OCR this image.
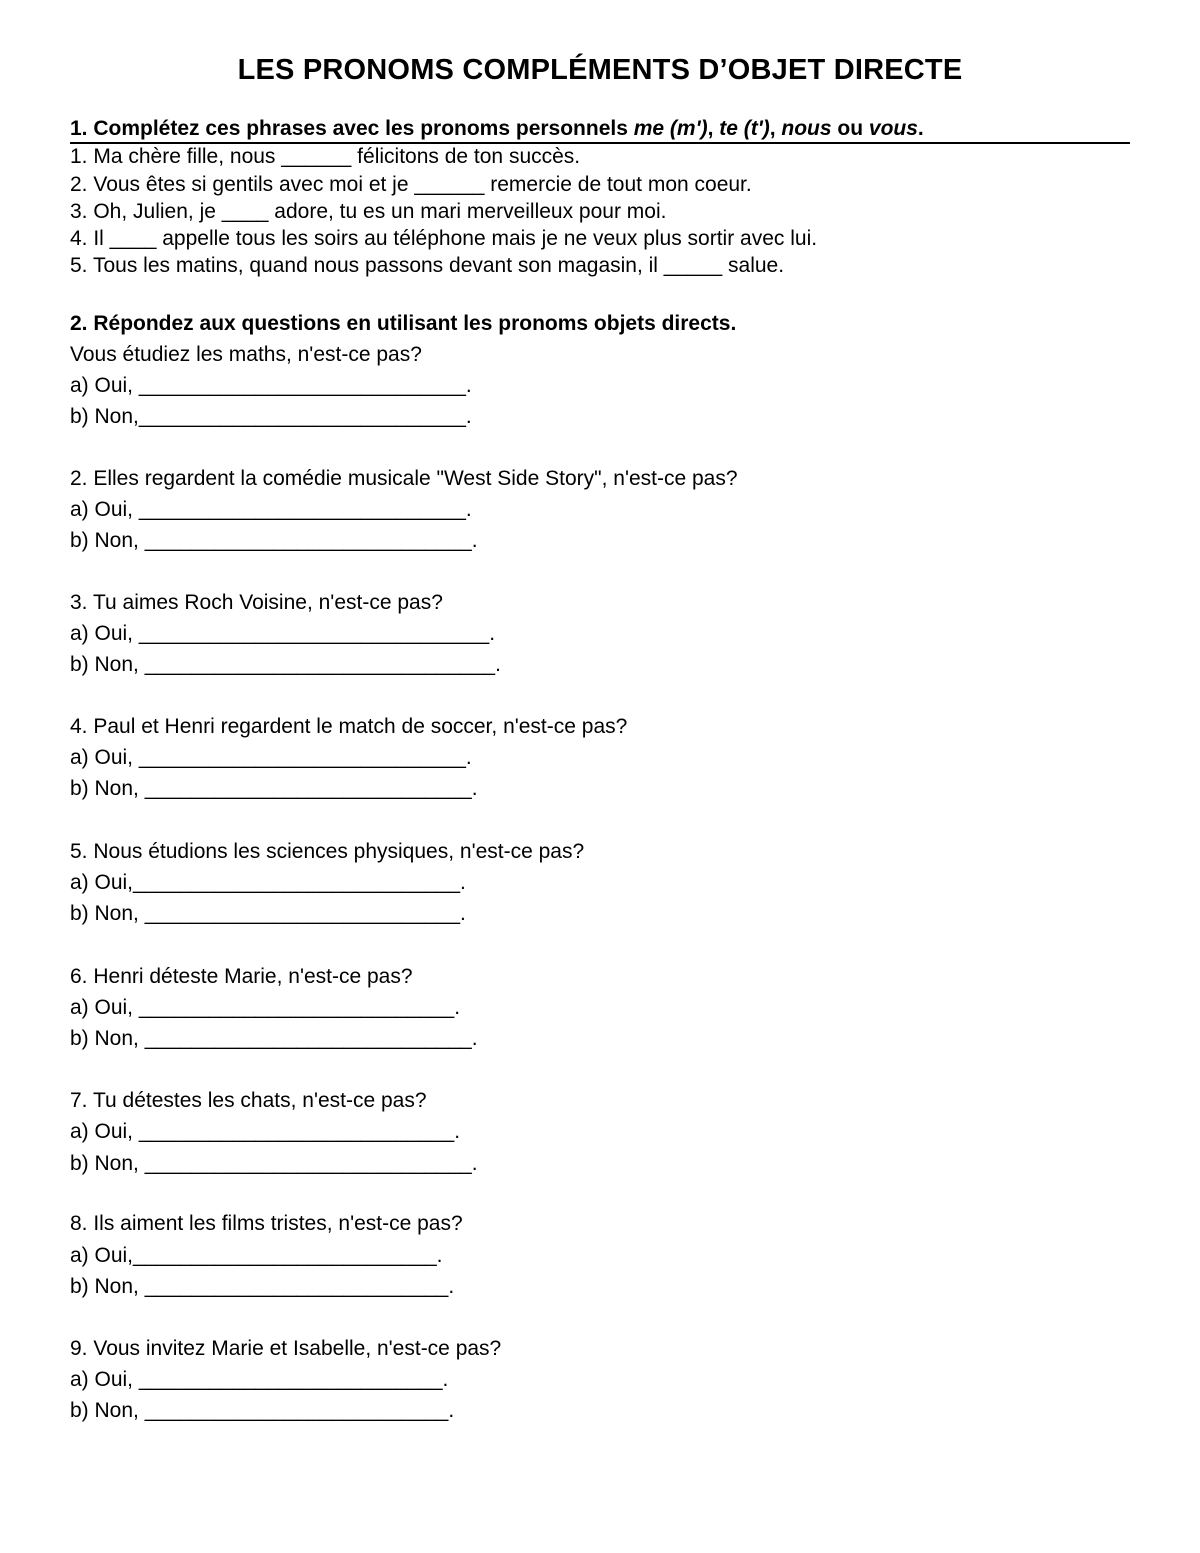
LES PRONOMS COMPLÉMENTS D’OBJET DIRECTE
1. Complétez ces phrases avec les pronoms personnels me (m'), te (t'), nous ou vous.

1. Ma chère fille, nous ______ félicitons de ton succès.

2. Vous êtes si gentils avec moi et je ______ remercie de tout mon coeur.

3. Oh, Julien, je ____ adore, tu es un mari merveilleux pour moi.

4. Il ____ appelle tous les soirs au téléphone mais je ne veux plus sortir avec lui.

5. Tous les matins, quand nous passons devant son magasin, il _____ salue.

2. Répondez aux questions en utilisant les pronoms objets directs.

Vous étudiez les maths, n'est-ce pas?

a) Oui, ____________________________.

b) Non,____________________________.

2. Elles regardent la comédie musicale "West Side Story", n'est-ce pas?

a) Oui, ____________________________.

b) Non, ____________________________.

3. Tu aimes Roch Voisine, n'est-ce pas?

a) Oui, ______________________________.

b) Non, ______________________________.

4. Paul et Henri regardent le match de soccer, n'est-ce pas?

a) Oui, ____________________________.

b) Non, ____________________________.

5. Nous étudions les sciences physiques, n'est-ce pas?

a) Oui,____________________________.

b) Non, ___________________________.

6. Henri déteste Marie, n'est-ce pas?

a) Oui, ___________________________.

b) Non, ____________________________.

7. Tu détestes les chats, n'est-ce pas?

a) Oui, ___________________________.

b) Non, ____________________________.

8. Ils aiment les films tristes, n'est-ce pas?

a) Oui,__________________________.

b) Non, __________________________.

9. Vous invitez Marie et Isabelle, n'est-ce pas?

a) Oui, __________________________.

b) Non, __________________________.
